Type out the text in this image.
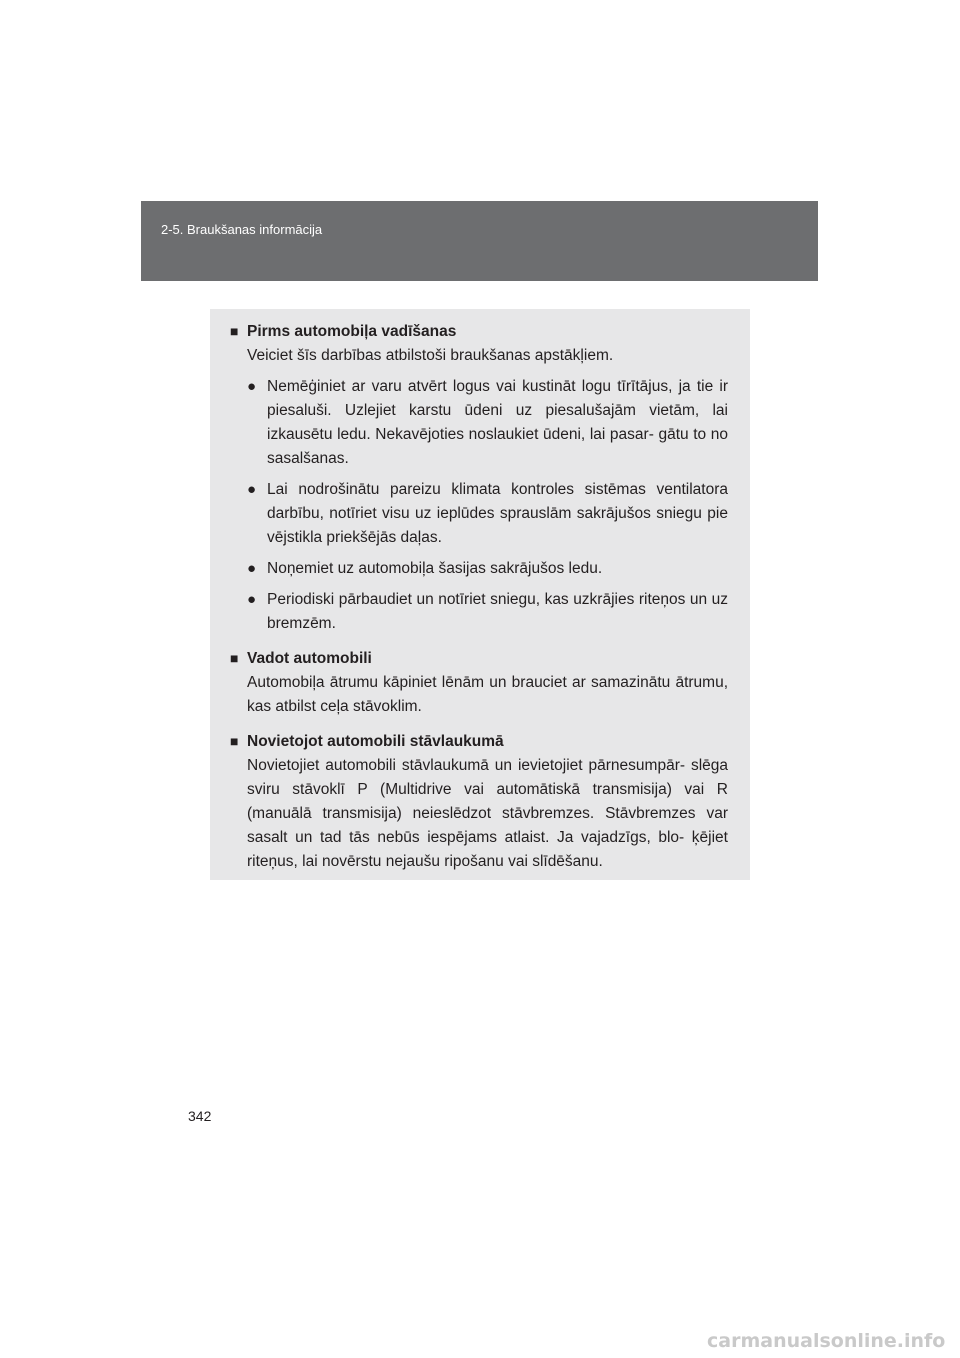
2-5. Braukšanas informācija
■ Pirms automobiļa vadīšanas
Veiciet šīs darbības atbilstoši braukšanas apstākļiem.
● Nemēģiniet ar varu atvērt logus vai kustināt logu tīrītājus, ja tie ir piesaluši. Uzlejiet karstu ūdeni uz piesalušajām vietām, lai izkausētu ledu. Nekavējoties noslaukiet ūdeni, lai pasar- gātu to no sasalšanas.
● Lai nodrošinātu pareizu klimata kontroles sistēmas ventilatora darbību, notīriet visu uz ieplūdes sprauslām sakrājušos sniegu pie vējstikla priekšējās daļas.
● Noņemiet uz automobiļa šasijas sakrājušos ledu.
● Periodiski pārbaudiet un notīriet sniegu, kas uzkrājies riteņos un uz bremzēm.
■ Vadot automobili
Automobiļa ātrumu kāpiniet lēnām un brauciet ar samazinātu ātrumu, kas atbilst ceļa stāvoklim.
■ Novietojot automobili stāvlaukumā
Novietojiet automobili stāvlaukumā un ievietojiet pārnesumpār- slēga sviru stāvoklī P (Multidrive vai automātiskā transmisija) vai R (manuālā transmisija) neieslēdzot stāvbremzes. Stāvbremzes var sasalt un tad tās nebūs iespējams atlaist. Ja vajadzīgs, blo- ķējiet riteņus, lai novērstu nejaušu ripošanu vai slīdēšanu.
342
carmanualsonline.info
